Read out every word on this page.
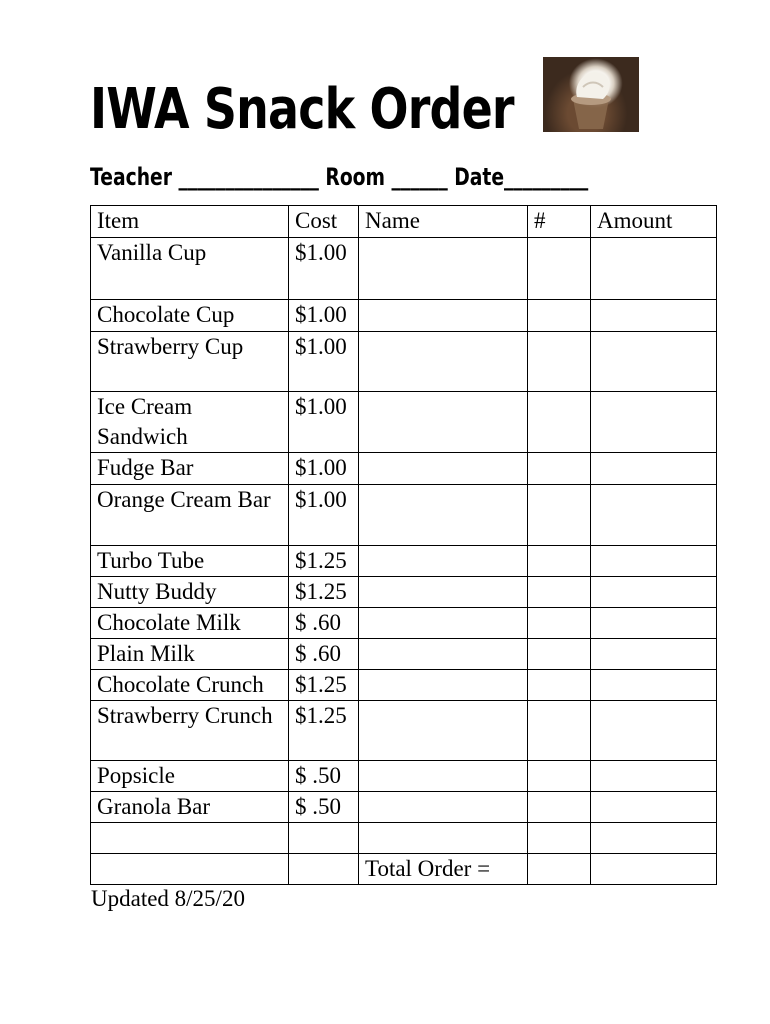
IWA Snack Order
Teacher _______________ Room ______ Date_________
Item	Cost	Name	#	Amount
Vanilla Cup	$1.00			
Chocolate Cup	$1.00			
Strawberry Cup	$1.00			
Ice Cream Sandwich	$1.00			
Fudge Bar	$1.00			
Orange Cream Bar	$1.00			
Turbo Tube	$1.25			
Nutty Buddy	$1.25			
Chocolate Milk	$ .60			
Plain Milk	$ .60			
Chocolate Crunch	$1.25			
Strawberry Crunch	$1.25			
Popsicle	$ .50			
Granola Bar	$ .50			

		Total Order =		
Updated 8/25/20
